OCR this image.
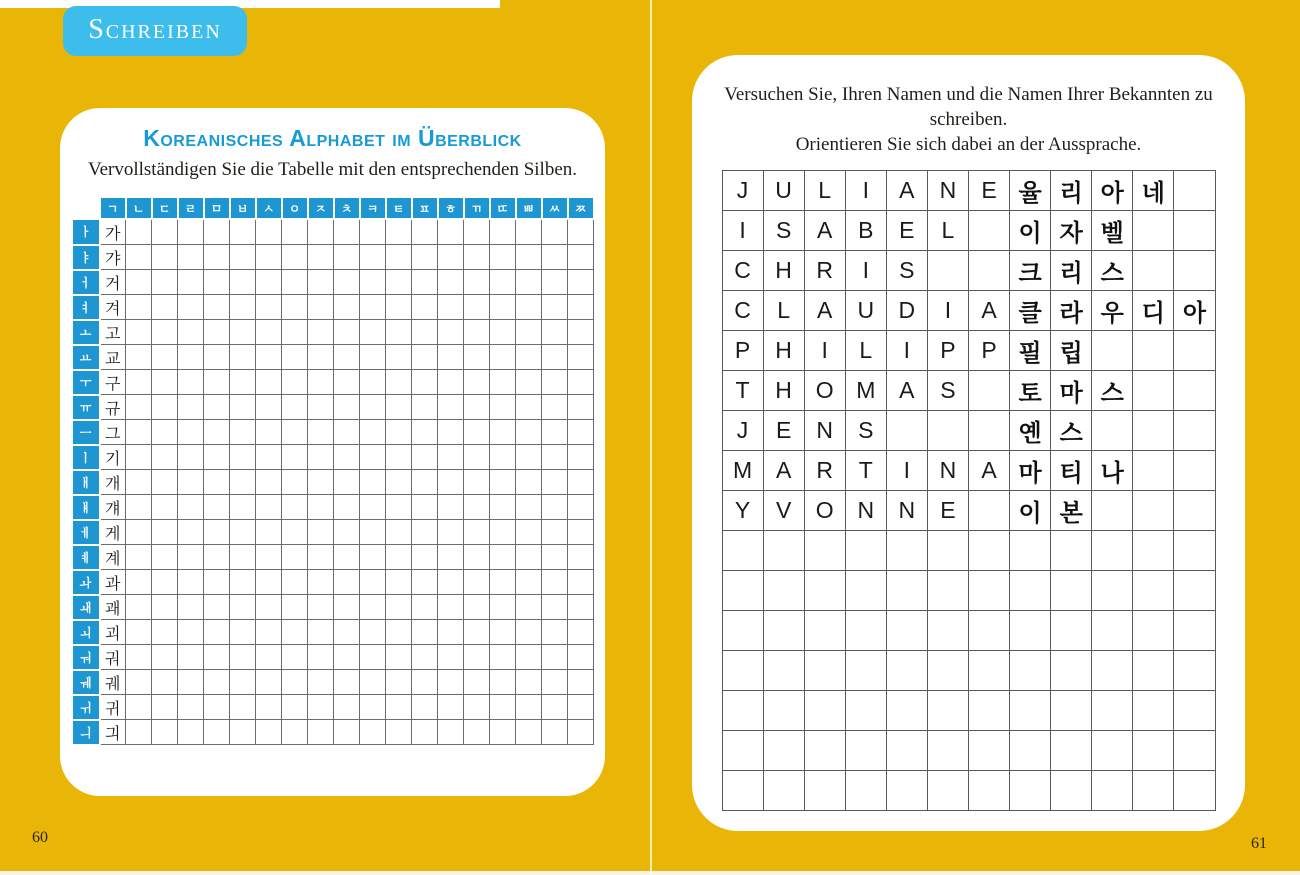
Schreiben
Koreanisches Alphabet im Überblick
Vervollständigen Sie die Tabelle mit den entsprechenden Silben.
	ㄱ	ㄴ	ㄷ	ㄹ	ㅁ	ㅂ	ㅅ	ㅇ	ㅈ	ㅊ	ㅋ	ㅌ	ㅍ	ㅎ	ㄲ	ㄸ	ㅃ	ㅆ	ㅉ
ㅏ	가																		
ㅑ	갸																		
ㅓ	거																		
ㅕ	겨																		
ㅗ	고																		
ㅛ	교																		
ㅜ	구																		
ㅠ	규																		
ㅡ	그																		
ㅣ	기																		
ㅐ	개																		
ㅒ	걔																		
ㅔ	게																		
ㅖ	계																		
ㅘ	과																		
ㅙ	괘																		
ㅚ	괴																		
ㅝ	궈																		
ㅞ	궤																		
ㅟ	귀																		
ㅢ	긔																		
Versuchen Sie, Ihren Namen und die Namen Ihrer Bekannten zu schreiben.
Orientieren Sie sich dabei an der Aussprache.
J	U	L	I	A	N	E	율	리	아	네	
I	S	A	B	E	L		이	자	벨		
C	H	R	I	S			크	리	스		
C	L	A	U	D	I	A	클	라	우	디	아
P	H	I	L	I	P	P	필	립			
T	H	O	M	A	S		토	마	스		
J	E	N	S				옌	스			
M	A	R	T	I	N	A	마	티	나		
Y	V	O	N	N	E		이	본			

60	61
